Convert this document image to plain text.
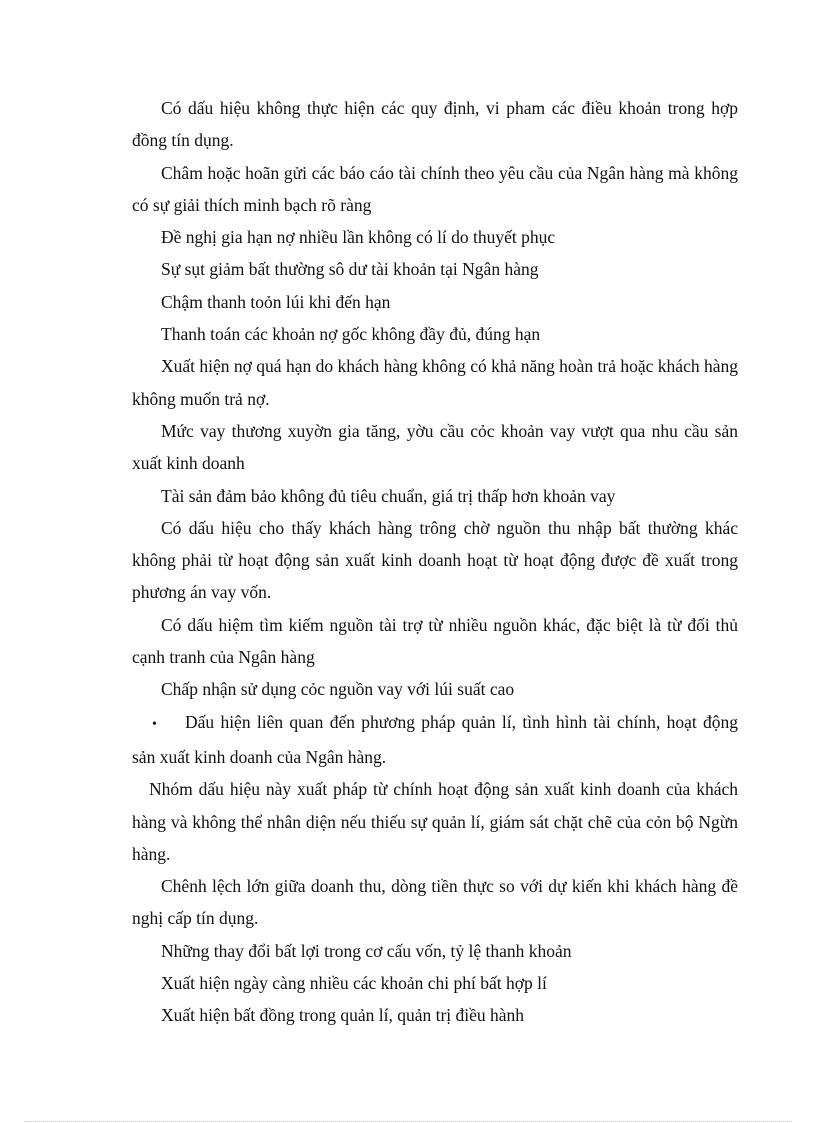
Có dấu hiệu không thực hiện các quy định, vi pham các điều khoản trong hợp đồng tín dụng.

Châm hoặc hoãn gửi các báo cáo tài chính theo yêu cầu của Ngân hàng mà không có sự giải thích minh bạch rõ ràng

Đề nghị gia hạn nợ nhiều lần không có lí do thuyết phục

Sự sụt giảm bất thường sô dư tài khoản tại Ngân hàng

Chậm thanh toỏn lúi khi đến hạn

Thanh toán các khoản nợ gốc không đầy đủ, đúng hạn

Xuất hiện nợ quá hạn do khách hàng không có khả năng hoàn trả hoặc khách hàng không muốn trả nợ.

Mức vay thương xuyờn gia tăng, yờu cầu cỏc khoản vay vượt qua nhu cầu sản xuất kinh doanh

Tài sản đảm bảo không đủ tiêu chuẩn, giá trị thấp hơn khoản vay

Có dấu hiệu cho thấy khách hàng trông chờ nguồn thu nhập bất thường khác không phải từ hoạt động sản xuất kinh doanh hoạt từ hoạt động được đề xuất trong phương án vay vốn.

Có dấu hiệm tìm kiếm nguồn tài trợ từ nhiều nguồn khác, đặc biệt là từ đối thủ cạnh tranh của Ngân hàng

Chấp nhận sử dụng cỏc nguồn vay với lúi suất cao

• Dấu hiện liên quan đến phương pháp quản lí, tình hình tài chính, hoạt động sản xuất kinh doanh của Ngân hàng.

Nhóm dấu hiệu này xuất pháp từ chính hoạt động sản xuất kinh doanh của khách hàng và không thể nhân diện nếu thiếu sự quản lí, giám sát chặt chẽ của cỏn bộ Ngừn hàng.

Chênh lệch lớn giữa doanh thu, dòng tiền thực so với dự kiến khi khách hàng đề nghị cấp tín dụng.

Những thay đổi bất lợi trong cơ cấu vốn, tỷ lệ thanh khoản

Xuất hiện ngày càng nhiều các khoản chi phí bất hợp lí

Xuất hiện bất đồng trong quản lí, quản trị điều hành
